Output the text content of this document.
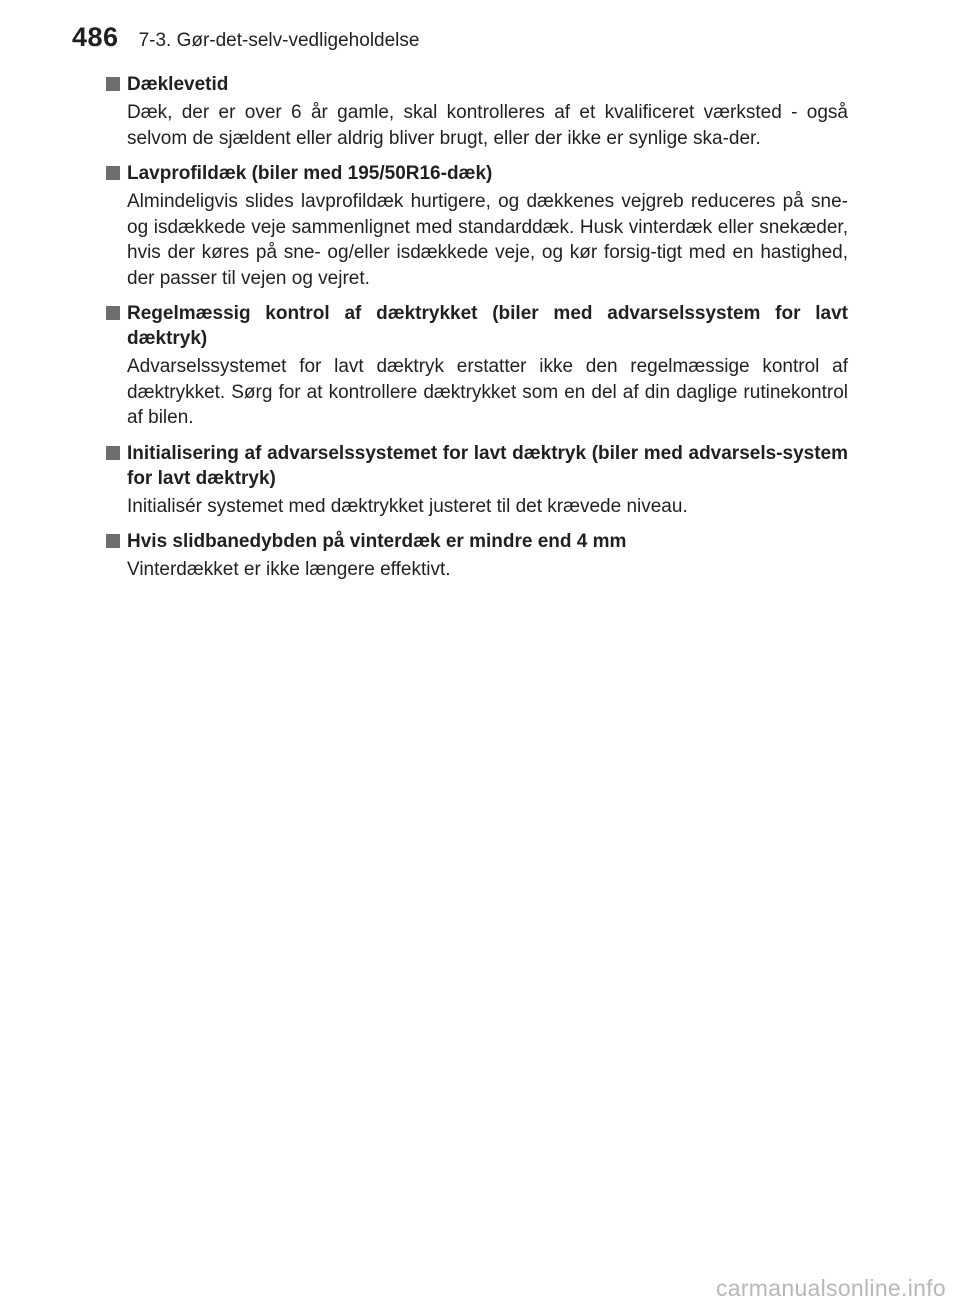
486 7-3. Gør-det-selv-vedligeholdelse
Dæklevetid
Dæk, der er over 6 år gamle, skal kontrolleres af et kvalificeret værksted - også selvom de sjældent eller aldrig bliver brugt, eller der ikke er synlige ska-der.
Lavprofildæk (biler med 195/50R16-dæk)
Almindeligvis slides lavprofildæk hurtigere, og dækkenes vejgreb reduceres på sne- og isdækkede veje sammenlignet med standarddæk. Husk vinterdæk eller snekæder, hvis der køres på sne- og/eller isdækkede veje, og kør forsig-tigt med en hastighed, der passer til vejen og vejret.
Regelmæssig kontrol af dæktrykket (biler med advarselssystem for lavt dæktryk)
Advarselssystemet for lavt dæktryk erstatter ikke den regelmæssige kontrol af dæktrykket. Sørg for at kontrollere dæktrykket som en del af din daglige rutinekontrol af bilen.
Initialisering af advarselssystemet for lavt dæktryk (biler med advarsels-system for lavt dæktryk)
Initialisér systemet med dæktrykket justeret til det krævede niveau.
Hvis slidbanedybden på vinterdæk er mindre end 4 mm
Vinterdækket er ikke længere effektivt.
carmanualsonline.info
